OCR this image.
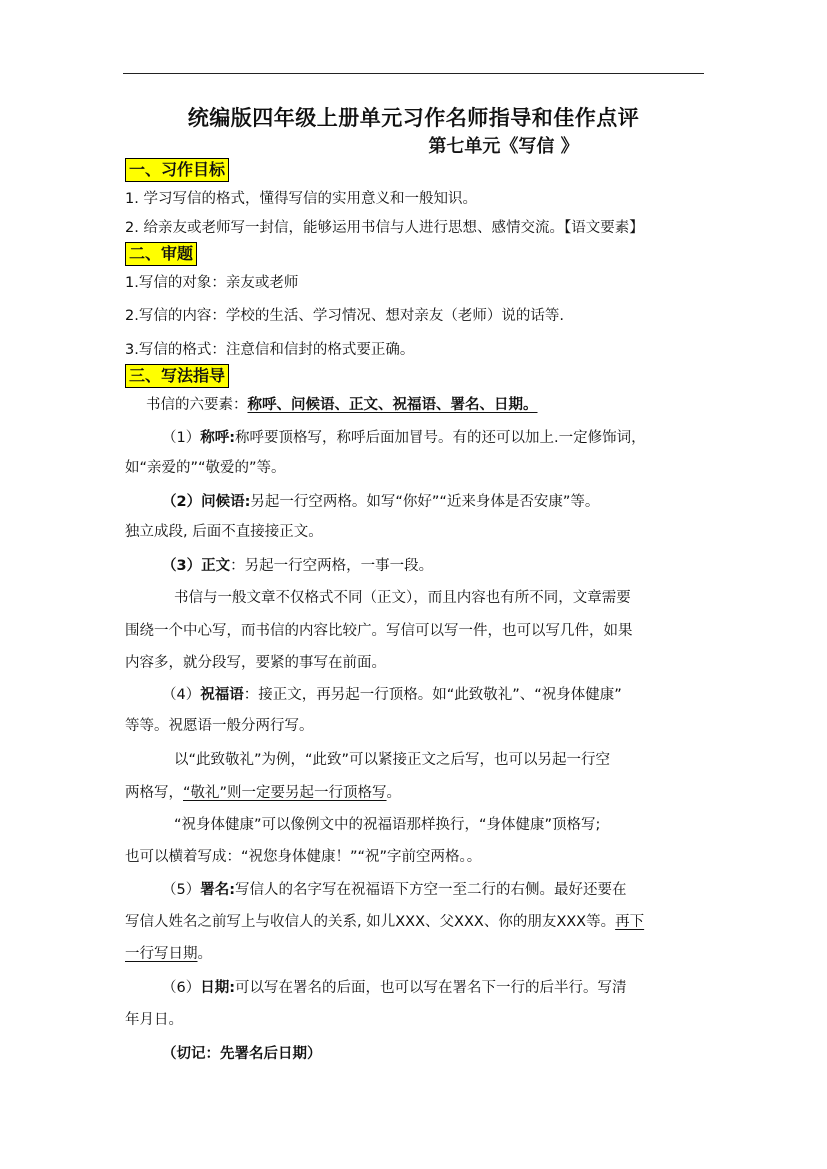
统编版四年级上册单元习作名师指导和佳作点评
第七单元《写信 》
一、习作目标
1. 学习写信的格式，懂得写信的实用意义和一般知识。
2. 给亲友或老师写一封信，能够运用书信与人进行思想、感情交流。【语文要素】
二、审题
1.写信的对象：亲友或老师
2.写信的内容：学校的生活、学习情况、想对亲友（老师）说的话等.
3.写信的格式：注意信和信封的格式要正确。
三、写法指导
书信的六要素：称呼、问候语、正文、祝福语、署名、日期。
（1）称呼:称呼要顶格写，称呼后面加冒号。有的还可以加上.一定修饰词，
如“亲爱的”“敬爱的”等。
（2）问候语:另起一行空两格。如写“你好”“近来身体是否安康”等。
独立成段, 后面不直接接正文。
（3）正文：另起一行空两格，一事一段。
书信与一般文章不仅格式不同（正文），而且内容也有所不同，文章需要
围绕一个中心写，而书信的内容比较广。写信可以写一件，也可以写几件，如果
内容多，就分段写，要紧的事写在前面。
（4）祝福语：接正文，再另起一行顶格。如“此致敬礼”、“祝身体健康”
等等。祝愿语一般分两行写。
以“此致敬礼”为例，“此致”可以紧接正文之后写，也可以另起一行空
两格写，“敬礼”则一定要另起一行顶格写。
“祝身体健康”可以像例文中的祝福语那样换行，“身体健康”顶格写;
也可以横着写成：“祝您身体健康！”“祝”字前空两格。。
（5）署名:写信人的名字写在祝福语下方空一至二行的右侧。最好还要在
写信人姓名之前写上与收信人的关系, 如儿XXX、父XXX、你的朋友XXX等。再下
一行写日期。
（6）日期:可以写在署名的后面，也可以写在署名下一行的后半行。写清
年月日。
（切记：先署名后日期）
